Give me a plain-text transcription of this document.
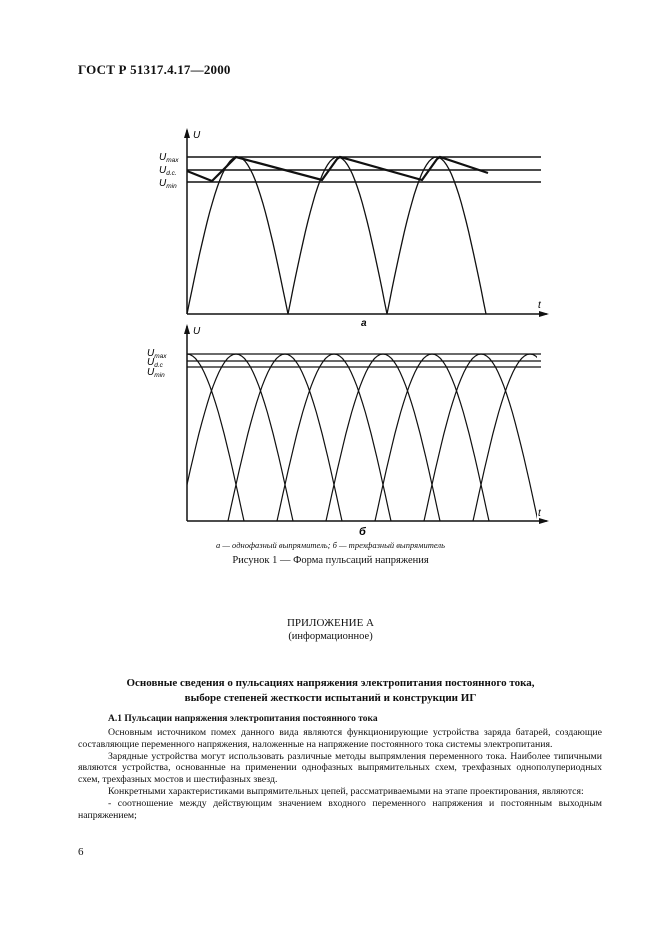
ГОСТ Р 51317.4.17—2000
U
t
$U_{max}$
$U_{d.c.}$
$U_{min}$
a
U
t
$U_{max}$
$U_{d.c}$
$U_{min}$
б
а — однофазный выпрямитель; б — трехфазный выпрямитель
Рисунок 1 — Форма пульсаций напряжения
ПРИЛОЖЕНИЕ А
(информационное)
Основные сведения о пульсациях напряжения электропитания постоянного тока,
выборе степеней жесткости испытаний и конструкции ИГ
А.1 Пульсации напряжения электропитания постоянного тока

Основным источником помех данного вида являются функционирующие устройства заряда батарей, создающие составляющие переменного напряжения, наложенные на напряжение постоянного тока системы электропитания.

Зарядные устройства могут использовать различные методы выпрямления переменного тока. Наиболее типичными являются устройства, основанные на применении однофазных выпрямительных схем, трехфазных однополупериодных схем, трехфазных мостов и шестифазных звезд.

Конкретными характеристиками выпрямительных цепей, рассматриваемыми на этапе проектирования, являются:

- соотношение между действующим значением входного переменного напряжения и постоянным выходным напряжением;

6
